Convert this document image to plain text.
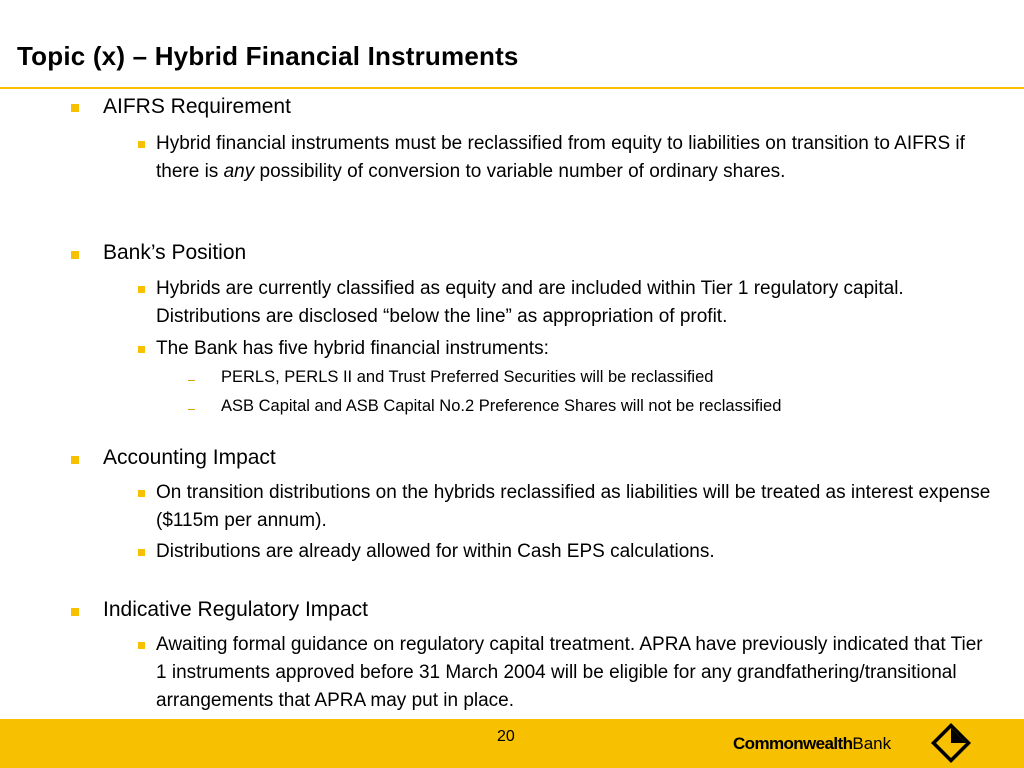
Topic (x) – Hybrid Financial Instruments
AIFRS Requirement
Hybrid financial instruments must be reclassified from equity to liabilities on transition to AIFRS if there is any possibility of conversion to variable number of ordinary shares.
Bank’s Position
Hybrids are currently classified as equity and are included within Tier 1 regulatory capital. Distributions are disclosed “below the line” as appropriation of profit.
The Bank has five hybrid financial instruments:
PERLS, PERLS II and Trust Preferred Securities will be reclassified
ASB Capital and ASB Capital No.2 Preference Shares will not be reclassified
Accounting Impact
On transition distributions on the hybrids reclassified as liabilities will be treated as interest expense ($115m per annum).
Distributions are already allowed for within Cash EPS calculations.
Indicative Regulatory Impact
Awaiting formal guidance on regulatory capital treatment. APRA have previously indicated that Tier 1 instruments approved before 31 March 2004 will be eligible for any grandfathering/transitional arrangements that APRA may put in place.
20	CommonwealthBank
